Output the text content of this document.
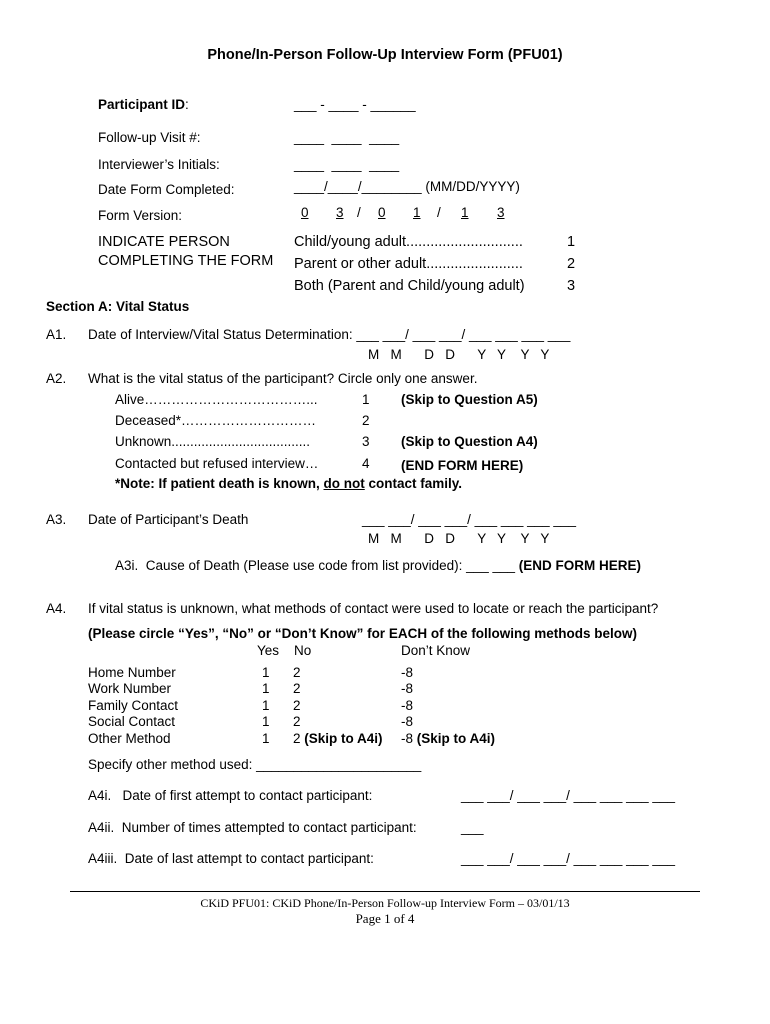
Phone/In-Person Follow-Up Interview Form (PFU01)
Participant ID:	___ - ____ - ______
Follow-up Visit #:	____  ____  ____
Interviewer’s Initials:	____  ____  ____
Date Form Completed:	____/____/________ (MM/DD/YYYY)
Form Version:	0	3 /	0	1	/	1	3
INDICATE PERSON
COMPLETING THE FORM
Child/young adult.............................	1
Parent or other adult........................	2
Both (Parent and Child/young adult)	3
Section A: Vital Status
A1. Date of Interview/Vital Status Determination: ___ ___/ ___ ___/ ___ ___ ___ ___
M   M      D   D      Y   Y    Y   Y
A2. What is the vital status of the participant? Circle only one answer.
Alive………………………………...	1 (Skip to Question A5)
Deceased*…………………………	2
Unknown.....................................	3 (Skip to Question A4)
Contacted but refused interview…	4 (END FORM HERE)
*Note: If patient death is known, do not contact family.
A3. Date of Participant’s Death	___ ___/ ___ ___/ ___ ___ ___ ___
M   M      D   D      Y   Y    Y   Y
A3i.  Cause of Death (Please use code from list provided): ___ ___ (END FORM HERE)
A4. If vital status is unknown, what methods of contact were used to locate or reach the participant?
(Please circle “Yes”, “No” or “Don’t Know” for EACH of the following methods below)
Yes No	Don’t Know
Home Number	1 2	-8
Work Number	1 2	-8
Family Contact	1 2	-8
Social Contact	1 2	-8
Other Method	1 2 (Skip to A4i) -8 (Skip to A4i)
Specify other method used: ______________________
A4i.   Date of first attempt to contact participant:	___ ___/ ___ ___/ ___ ___ ___ ___
A4ii.  Number of times attempted to contact participant:	___
A4iii.  Date of last attempt to contact participant:	___ ___/ ___ ___/ ___ ___ ___ ___
CKiD PFU01: CKiD Phone/In-Person Follow-up Interview Form – 03/01/13
Page 1 of 4
